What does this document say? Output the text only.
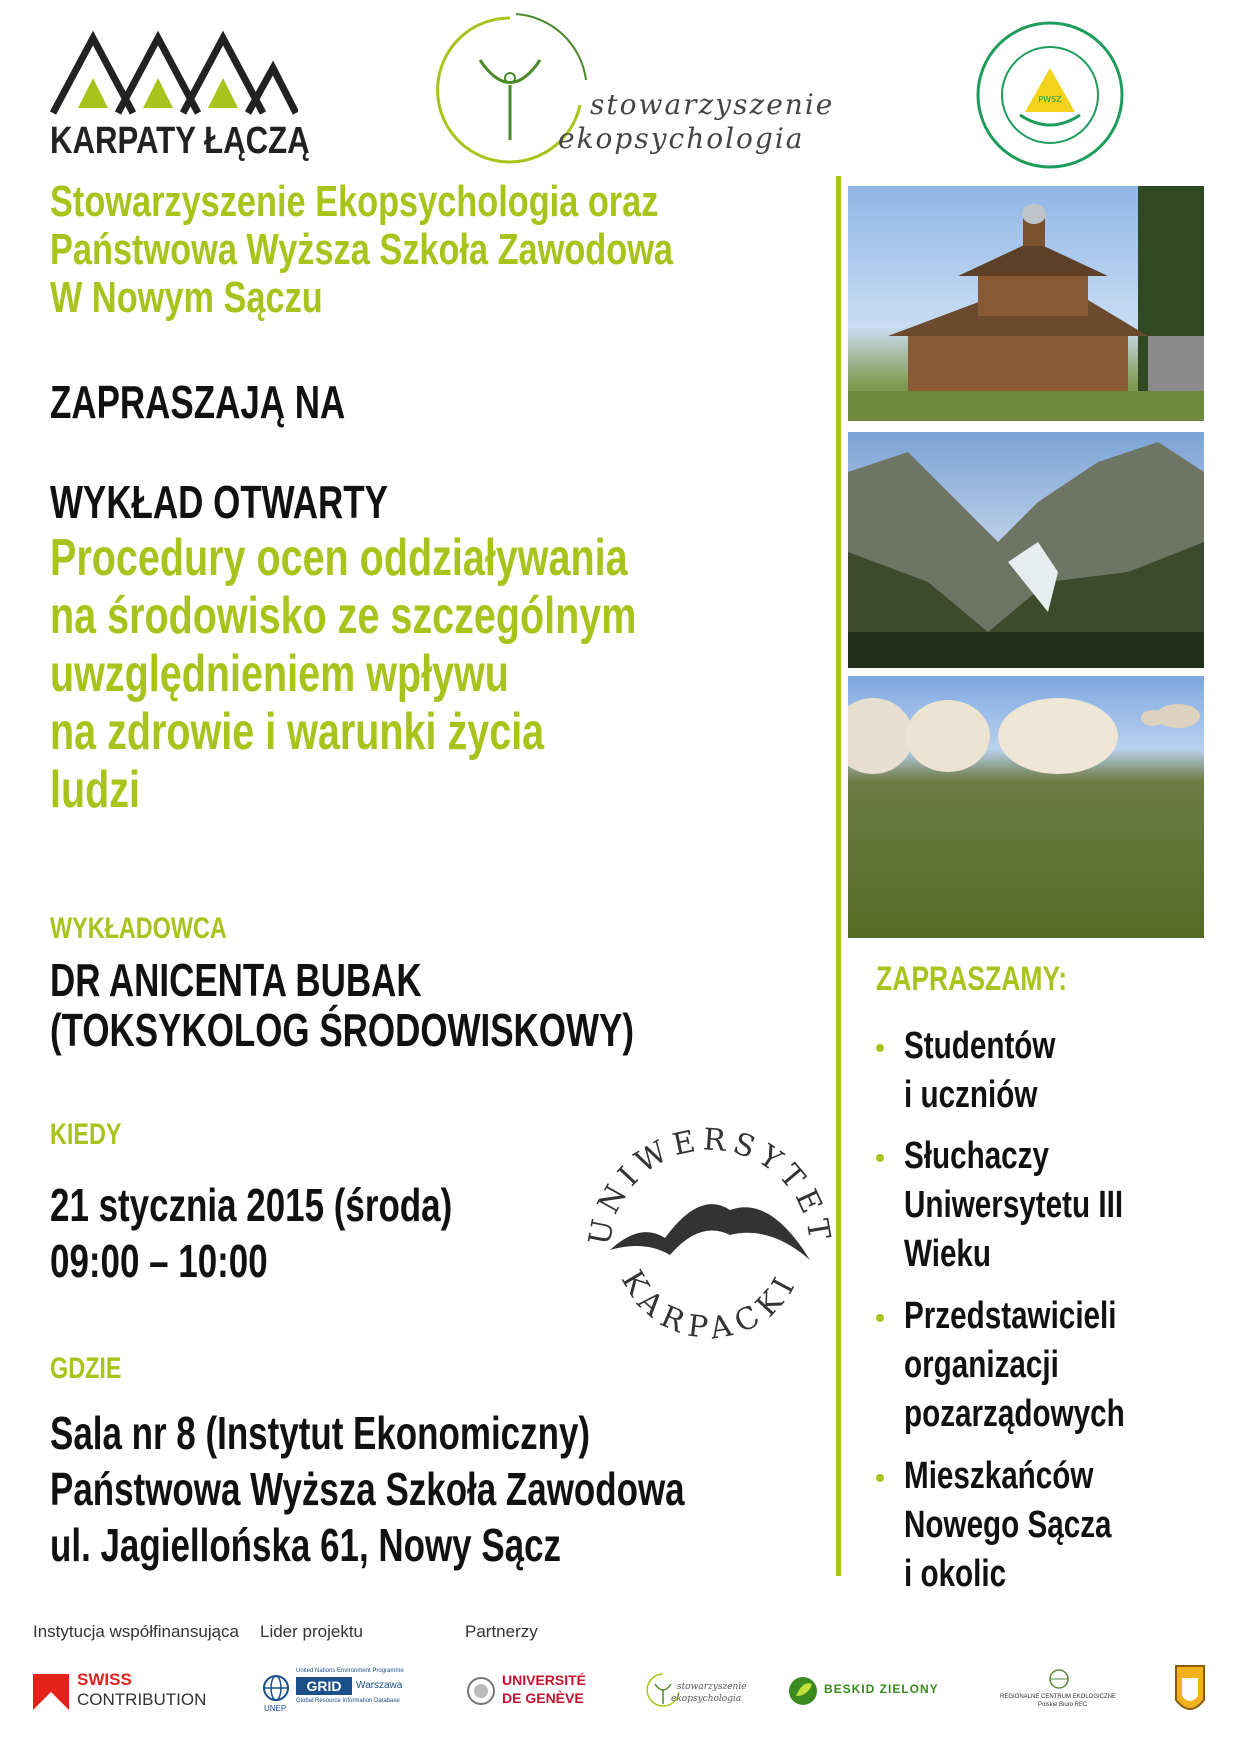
KARPATY ŁĄCZĄ
stowarzyszenie
ekopsychologia
PWSZ
Stowarzyszenie Ekopsychologia oraz
Państwowa Wyższa Szkoła Zawodowa
W Nowym Sączu
ZAPRASZAJĄ NA
WYKŁAD OTWARTY
Procedury ocen oddziaływania
na środowisko ze szczególnym
uwzględnieniem wpływu
na zdrowie i warunki życia
ludzi
WYKŁADOWCA
DR ANICENTA BUBAK
(TOKSYKOLOG ŚRODOWISKOWY)
KIEDY
21 stycznia 2015 (środa)
09:00 – 10:00
GDZIE
Sala nr 8 (Instytut Ekonomiczny)
Państwowa Wyższa Szkoła Zawodowa
ul. Jagiellońska 61, Nowy Sącz
UNIWERSYTET
KARPACKI
ZAPRASZAMY:
Studentów
i uczniów
Słuchaczy
Uniwersytetu III
Wieku
Przedstawicieli
organizacji
pozarządowych
Mieszkańców
Nowego Sącza
i okolic
Instytucja współfinansująca Lider projektu	Partnerzy
SWISS
CONTRIBUTION	UNEP
United Nations Environment Programme
GRID	Warszawa
Global Resource Information Database
UNIVERSITÉ
DE GENÈVE
stowarzyszenie
ekopsychologia
BESKID ZIELONY
REGIONALNE CENTRUM EKOLOGICZNE
Polskie Biuro REC
